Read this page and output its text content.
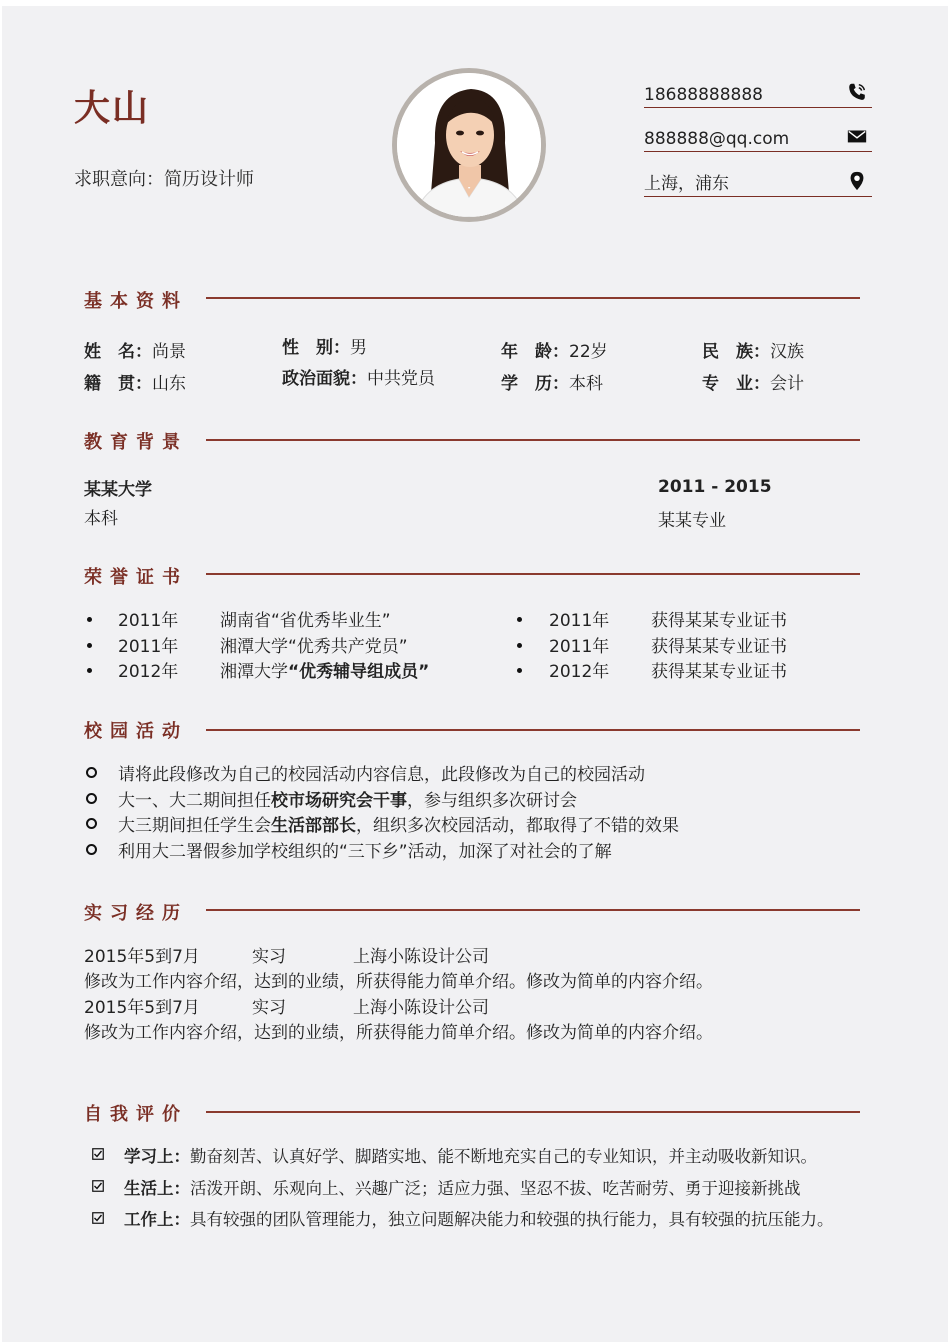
大山
求职意向：简历设计师
18688888888
888888@qq.com
上海，浦东
基本资料
姓　名：尚景	性　别：男	年　龄：22岁	民　族：汉族
籍　贯：山东	政治面貌：中共党员	学　历：本科	专　业：会计
教育背景
某某大学
本科
2011 - 2015
某某专业
荣誉证书
2011年 湖南省“省优秀毕业生”
2011年 湘潭大学“优秀共产党员”
2012年 湘潭大学“优秀辅导组成员”
2011年 获得某某专业证书
2011年 获得某某专业证书
2012年 获得某某专业证书
校园活动
请将此段修改为自己的校园活动内容信息，此段修改为自己的校园活动
大一、大二期间担任校市场研究会干事，参与组织多次研讨会
大三期间担任学生会生活部部长，组织多次校园活动，都取得了不错的效果
利用大二署假参加学校组织的“三下乡”活动，加深了对社会的了解
实习经历
2015年5到7月	实习	上海小陈设计公司
修改为工作内容介绍，达到的业绩，所获得能力简单介绍。修改为简单的内容介绍。
2015年5到7月	实习	上海小陈设计公司
修改为工作内容介绍，达到的业绩，所获得能力简单介绍。修改为简单的内容介绍。
自我评价
学习上：勤奋刻苦、认真好学、脚踏实地、能不断地充实自己的专业知识，并主动吸收新知识。
生活上：活泼开朗、乐观向上、兴趣广泛；适应力强、坚忍不拔、吃苦耐劳、勇于迎接新挑战
工作上：具有较强的团队管理能力，独立问题解决能力和较强的执行能力，具有较强的抗压能力。
